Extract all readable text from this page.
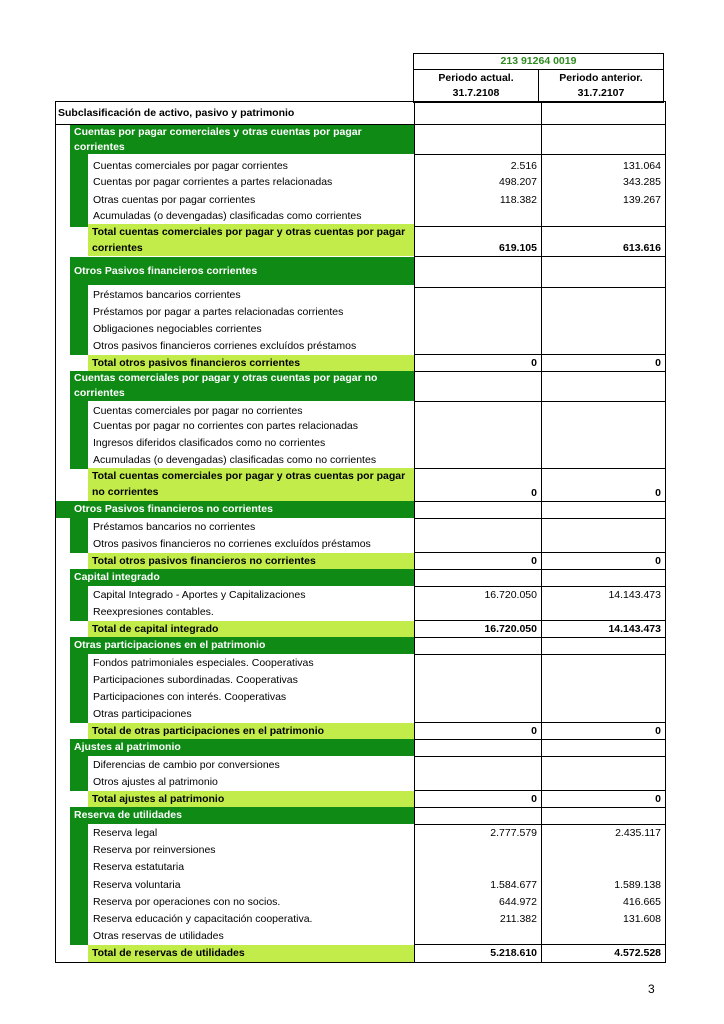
213 91264 0019

Periodo actual.
31.7.2108

Periodo anterior.
31.7.2107
Subclasificación de activo, pasivo y patrimonio
Cuentas por pagar comerciales y otras cuentas por pagar
corrientes
Cuentas comerciales por pagar corrientes	2.516	131.064
Cuentas por pagar corrientes a partes relacionadas	498.207	343.285
Otras cuentas por pagar corrientes	118.382	139.267
Acumuladas (o devengadas) clasificadas como corrientes
Total cuentas comerciales por pagar y otras cuentas por pagar
corrientes	619.105	613.616
Otros Pasivos financieros corrientes
Préstamos bancarios corrientes
Préstamos por pagar a partes relacionadas corrientes
Obligaciones negociables corrientes
Otros pasivos financieros corrienes excluídos préstamos
Total otros pasivos financieros corrientes	0	0
Cuentas comerciales por pagar y otras cuentas por pagar no
corrientes
Cuentas comerciales por pagar no corrientes
Cuentas por pagar no corrientes con partes relacionadas
Ingresos diferidos clasificados como no corrientes
Acumuladas (o devengadas) clasificadas como no corrientes
Total cuentas comerciales por pagar y otras cuentas por pagar
no corrientes	0	0
Otros Pasivos financieros no corrientes
Préstamos bancarios no corrientes
Otros pasivos financieros no corrienes excluídos préstamos
Total otros pasivos financieros no corrientes	0	0
Capital integrado
Capital Integrado - Aportes y Capitalizaciones	16.720.050	14.143.473
Reexpresiones contables.
Total de capital integrado	16.720.050	14.143.473
Otras participaciones en el patrimonio
Fondos patrimoniales especiales. Cooperativas
Participaciones subordinadas. Cooperativas
Participaciones con interés. Cooperativas
Otras participaciones
Total de otras participaciones en el patrimonio	0	0
Ajustes al patrimonio
Diferencias de cambio por conversiones
Otros ajustes al patrimonio
Total ajustes al patrimonio	0	0
Reserva de utilidades
Reserva legal	2.777.579	2.435.117
Reserva por reinversiones
Reserva estatutaria
Reserva voluntaria	1.584.677	1.589.138
Reserva por operaciones con no socios.	644.972	416.665
Reserva educación y capacitación cooperativa.	211.382	131.608
Otras reservas de utilidades
Total de reservas de utilidades	5.218.610	4.572.528
3
